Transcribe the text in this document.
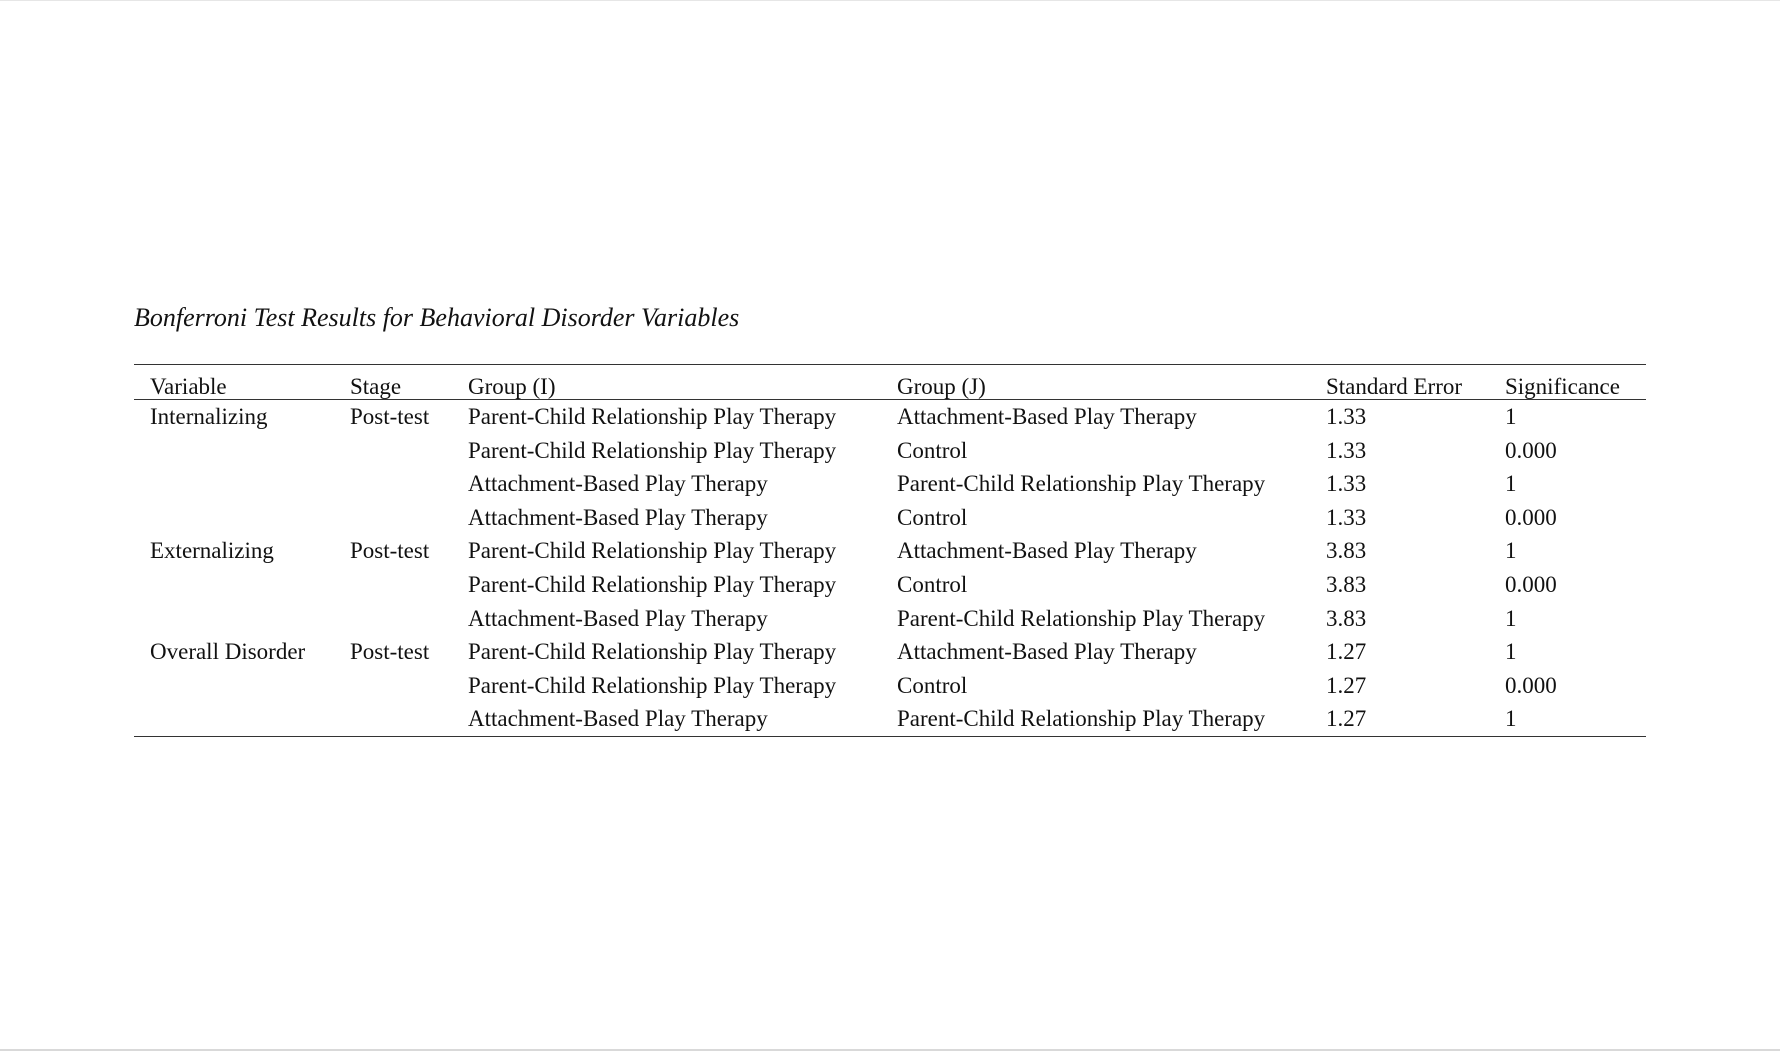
Bonferroni Test Results for Behavioral Disorder Variables
Variable	Stage	Group (I)	Group (J)	Standard Error	Significance
Internalizing	Post-test	Parent-Child Relationship Play Therapy	Attachment-Based Play Therapy	1.33	1
		Parent-Child Relationship Play Therapy	Control	1.33	0.000
		Attachment-Based Play Therapy	Parent-Child Relationship Play Therapy	1.33	1
		Attachment-Based Play Therapy	Control	1.33	0.000
Externalizing	Post-test	Parent-Child Relationship Play Therapy	Attachment-Based Play Therapy	3.83	1
		Parent-Child Relationship Play Therapy	Control	3.83	0.000
		Attachment-Based Play Therapy	Parent-Child Relationship Play Therapy	3.83	1
Overall Disorder	Post-test	Parent-Child Relationship Play Therapy	Attachment-Based Play Therapy	1.27	1
		Parent-Child Relationship Play Therapy	Control	1.27	0.000
		Attachment-Based Play Therapy	Parent-Child Relationship Play Therapy	1.27	1
